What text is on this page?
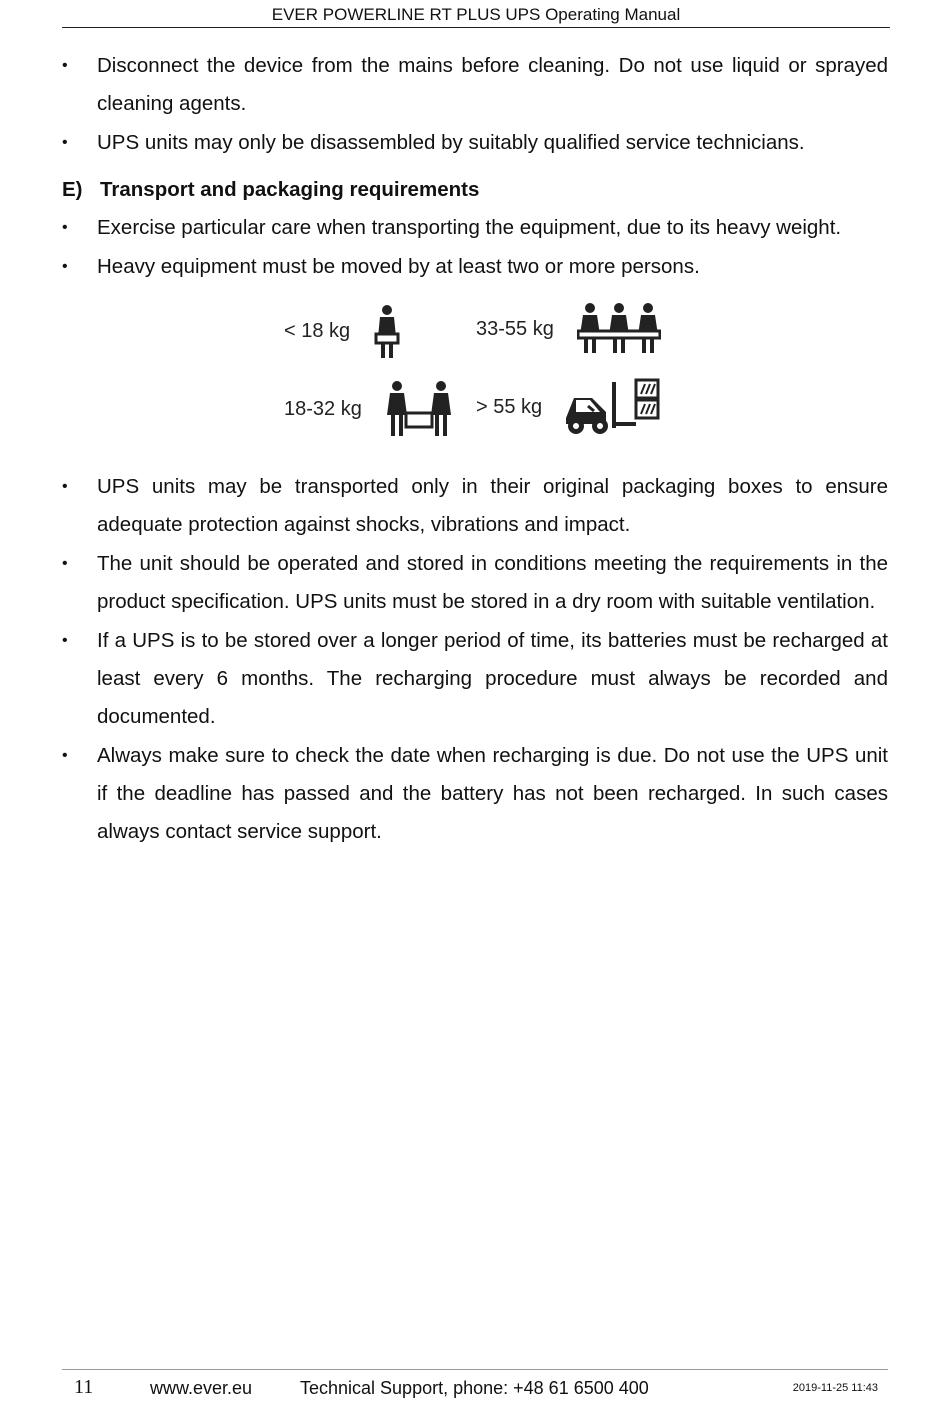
EVER POWERLINE RT PLUS UPS Operating Manual
•	Disconnect the device from the mains before cleaning. Do not use liquid or sprayed cleaning agents.
•	UPS units may only be disassembled by suitably qualified service technicians.
E) Transport and packaging requirements
•	Exercise particular care when transporting the equipment, due to its heavy weight.
•	Heavy equipment must be moved by at least two or more persons.
< 18 kg	33-55 kg
18-32 kg	> 55 kg
•	UPS units may be transported only in their original packaging boxes to ensure adequate protection against shocks, vibrations and impact.
•	The unit should be operated and stored in conditions meeting the requirements in the product specification. UPS units must be stored in a dry room with suitable ventilation.
•	If a UPS is to be stored over a longer period of time, its batteries must be recharged at least every 6 months. The recharging procedure must always be recorded and documented.
•	Always make sure to check the date when recharging is due. Do not use the UPS unit if the deadline has passed and the battery has not been recharged. In such cases always contact service support.
11	www.ever.eu	Technical Support, phone: +48 61 6500 400	2019-11-25 11:43
